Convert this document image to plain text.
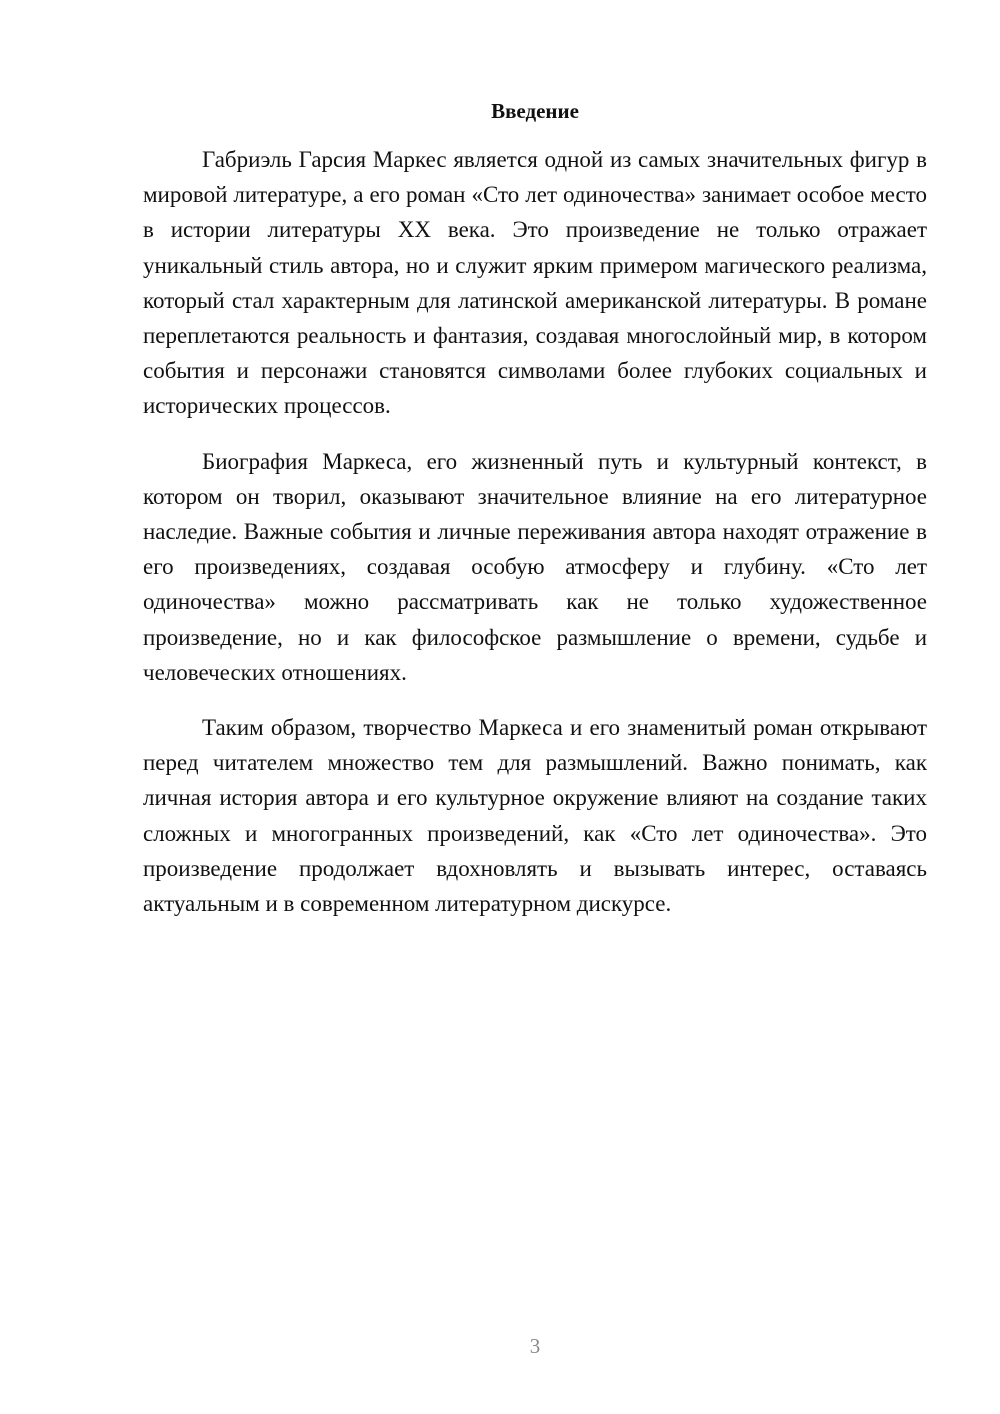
Введение

Габриэль Гарсия Маркес является одной из самых значительных фигур в мировой литературе, а его роман «Сто лет одиночества» занимает особое место в истории литературы XX века. Это произведение не только отражает уникальный стиль автора, но и служит ярким примером магического реализма, который стал характерным для латинской американской литературы. В романе переплетаются реальность и фантазия, создавая многослойный мир, в котором события и персонажи становятся символами более глубоких социальных и исторических процессов.

Биография Маркеса, его жизненный путь и культурный контекст, в котором он творил, оказывают значительное влияние на его литературное наследие. Важные события и личные переживания автора находят отражение в его произведениях, создавая особую атмосферу и глубину. «Сто лет одиночества» можно рассматривать как не только художественное произведение, но и как философское размышление о времени, судьбе и человеческих отношениях.

Таким образом, творчество Маркеса и его знаменитый роман открывают перед читателем множество тем для размышлений. Важно понимать, как личная история автора и его культурное окружение влияют на создание таких сложных и многогранных произведений, как «Сто лет одиночества». Это произведение продолжает вдохновлять и вызывать интерес, оставаясь актуальным и в современном литературном дискурсе.

3
